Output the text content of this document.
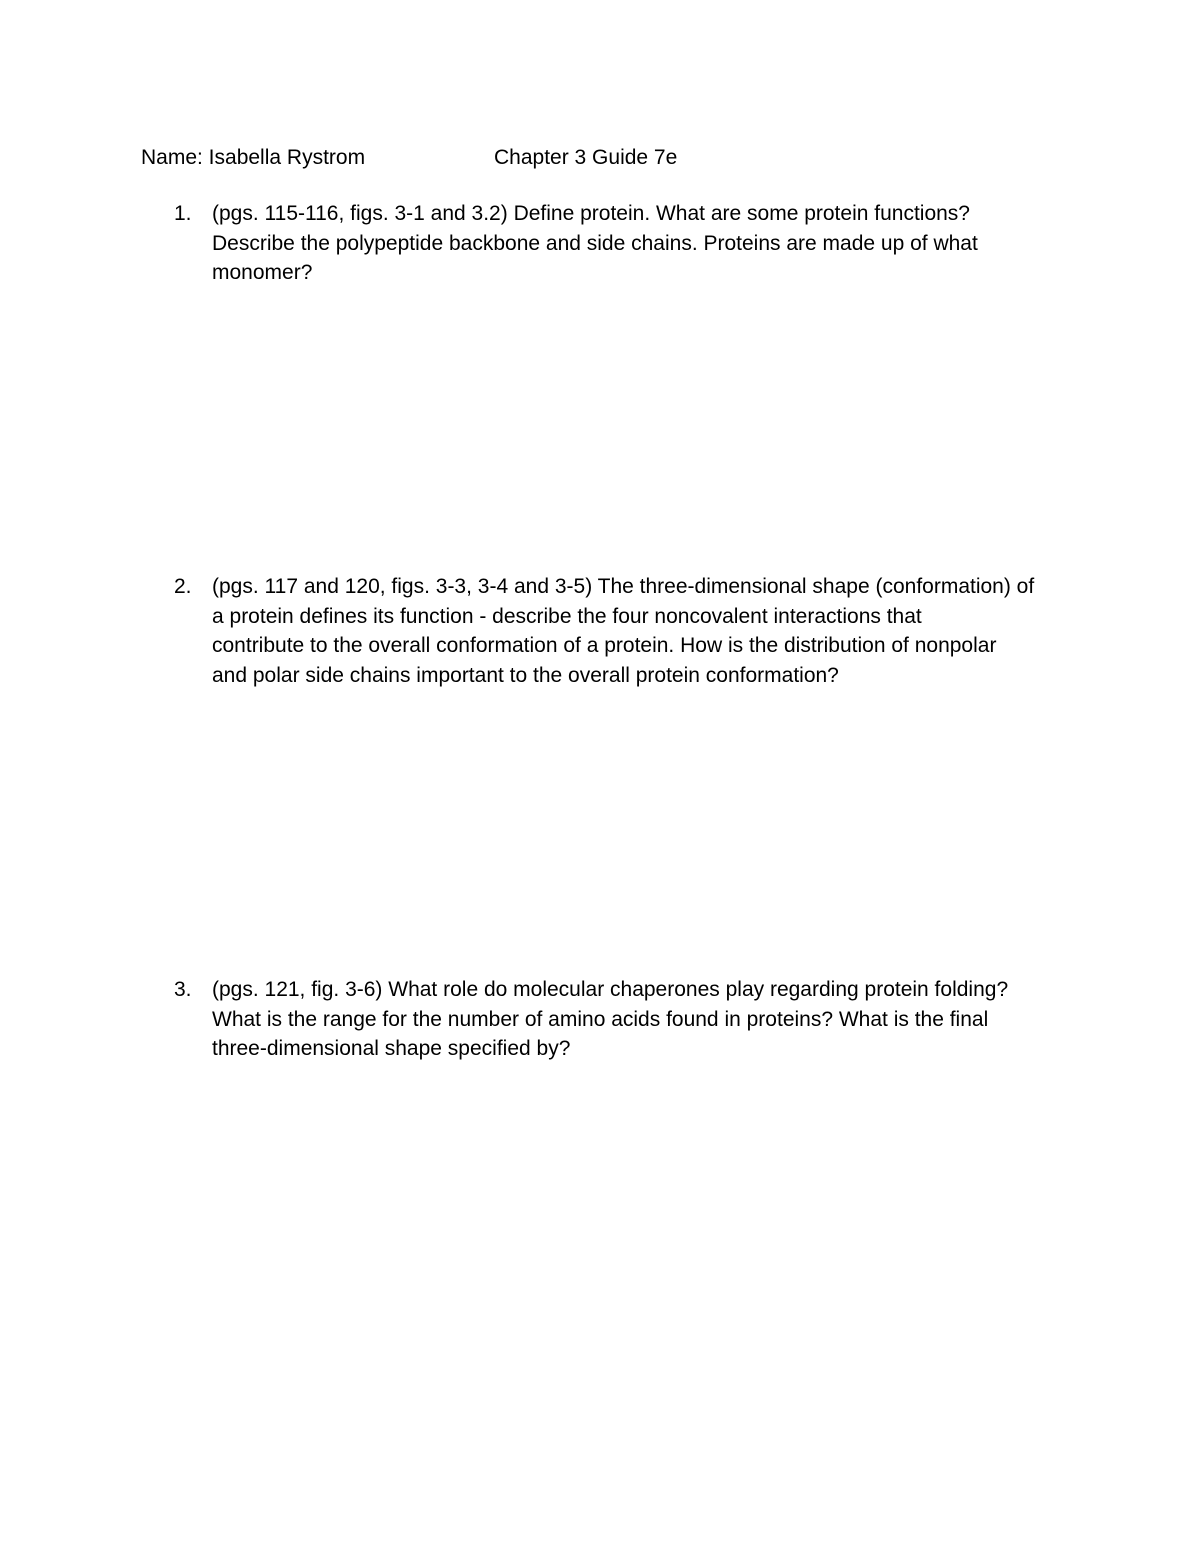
Name: Isabella Rystrom	Chapter 3 Guide 7e
1. (pgs. 115-116, figs. 3-1 and 3.2) Define protein. What are some protein functions?
Describe the polypeptide backbone and side chains. Proteins are made up of what
monomer?
2. (pgs. 117 and 120, figs. 3-3, 3-4 and 3-5) The three-dimensional shape (conformation) of
a protein defines its function - describe the four noncovalent interactions that
contribute to the overall conformation of a protein. How is the distribution of nonpolar
and polar side chains important to the overall protein conformation?
3. (pgs. 121, fig. 3-6) What role do molecular chaperones play regarding protein folding?
What is the range for the number of amino acids found in proteins? What is the final
three-dimensional shape specified by?
